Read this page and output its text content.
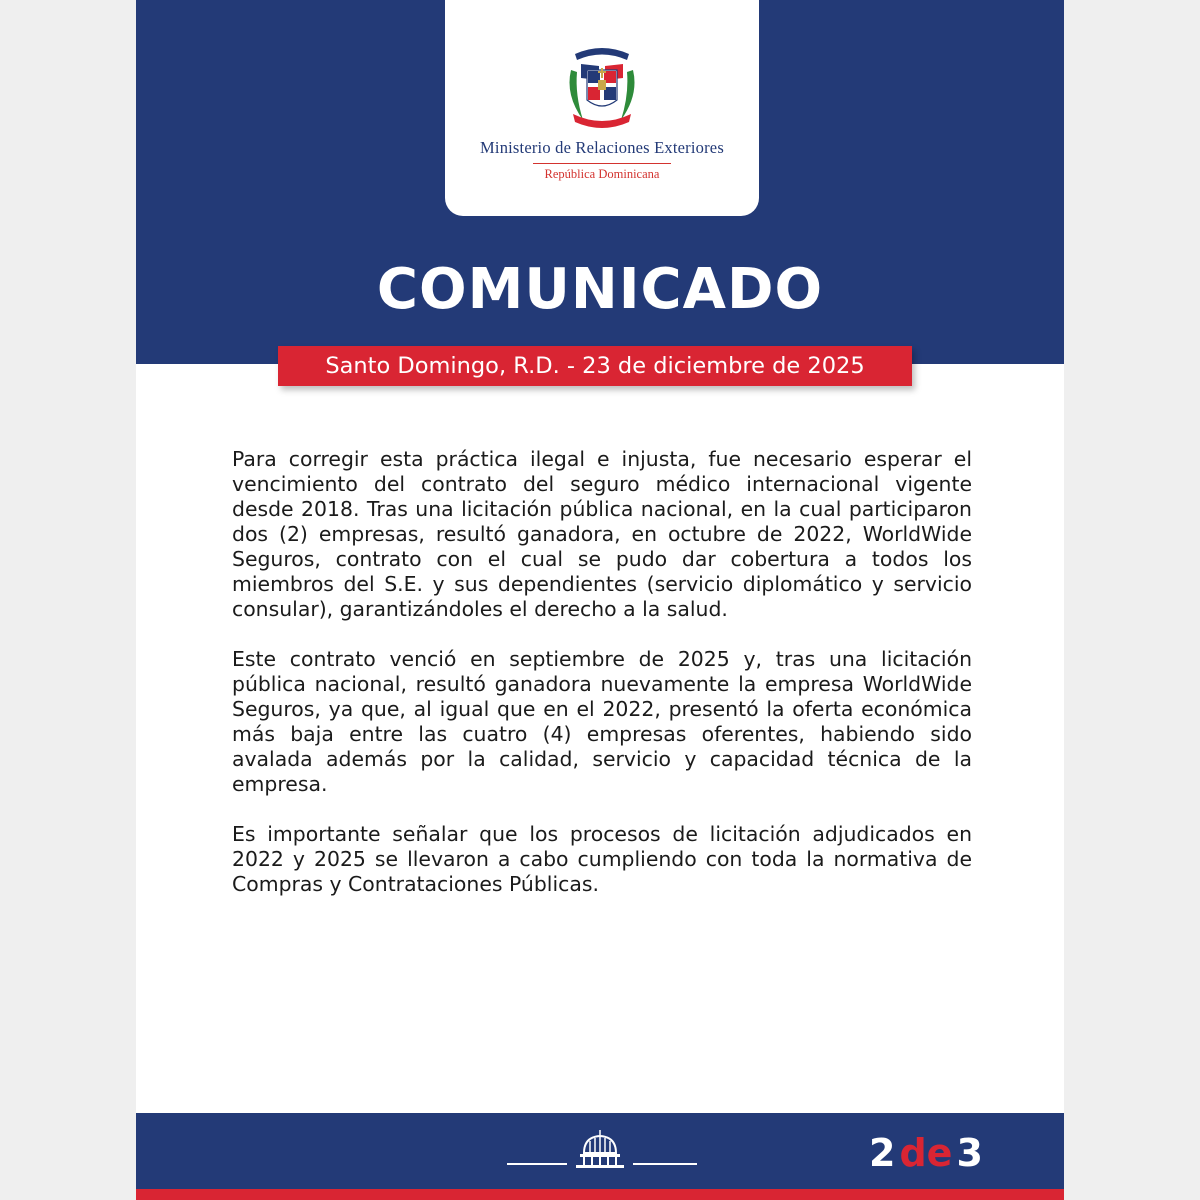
Ministerio de Relaciones Exteriores
República Dominicana
COMUNICADO
Santo Domingo, R.D. - 23 de diciembre de 2025

Para corregir esta práctica ilegal e injusta, fue necesario esperar el vencimiento del contrato del seguro médico internacional vigente desde 2018. Tras una licitación pública nacional, en la cual participaron dos (2) empresas, resultó ganadora, en octubre de 2022, WorldWide Seguros, contrato con el cual se pudo dar cobertura a todos los miembros del S.E. y sus dependientes (servicio diplomático y servicio consular), garantizándoles el derecho a la salud.

Este contrato venció en septiembre de 2025 y, tras una licitación pública nacional, resultó ganadora nuevamente la empresa WorldWide Seguros, ya que, al igual que en el 2022, presentó la oferta económica más baja entre las cuatro (4) empresas oferentes, habiendo sido avalada además por la calidad, servicio y capacidad técnica de la empresa.

Es importante señalar que los procesos de licitación adjudicados en 2022 y 2025 se llevaron a cabo cumpliendo con toda la normativa de Compras y Contrataciones Públicas.

2 de 3
